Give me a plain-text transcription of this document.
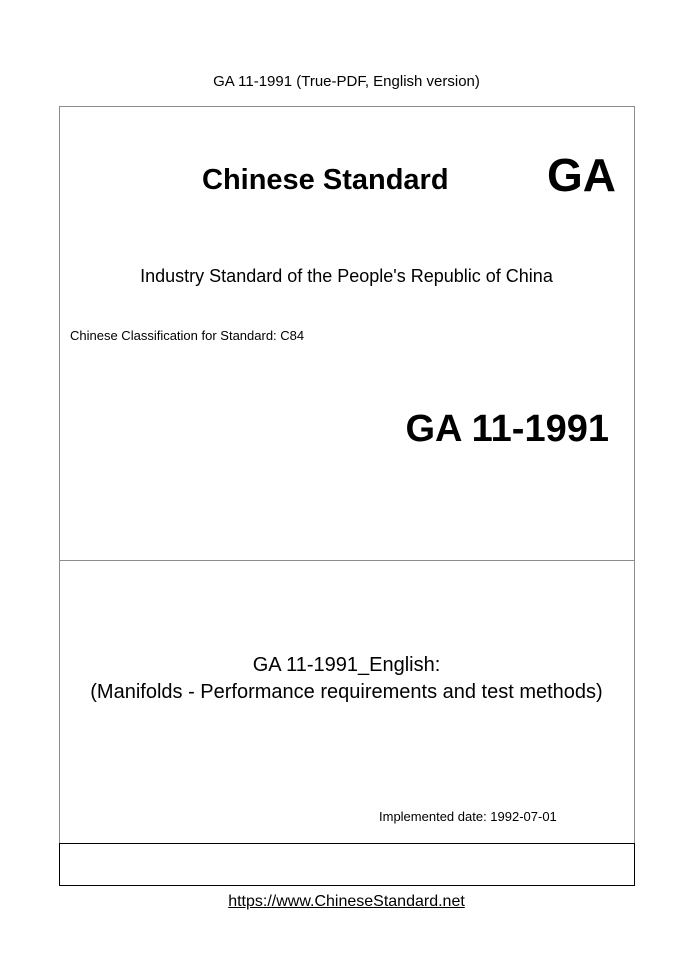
GA 11-1991 (True-PDF, English version)
Chinese Standard GA
Industry Standard of the People's Republic of China
Chinese Classification for Standard: C84
GA 11-1991
GA 11-1991_English:
(Manifolds - Performance requirements and test methods)
Implemented date: 1992-07-01
https://www.ChineseStandard.net
